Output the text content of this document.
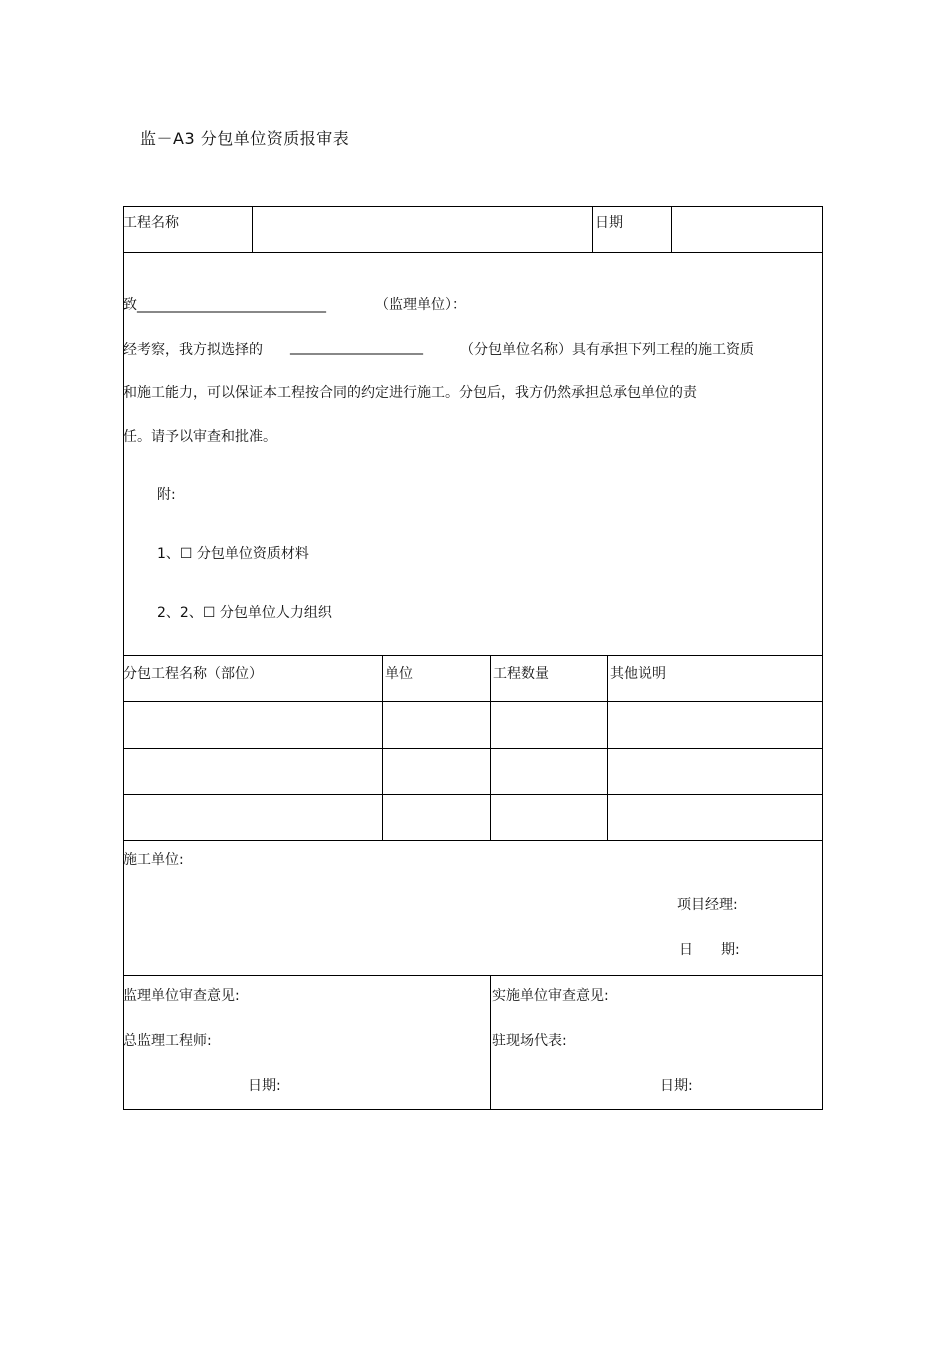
监－A3 分包单位资质报审表
工程名称	日期
致___________________________	（监理单位）：
经考察，我方拟选择的 ___________________	（分包单位名称）具有承担下列工程的施工资质
和施工能力，可以保证本工程按合同的约定进行施工。分包后，我方仍然承担总承包单位的责
任。请予以审查和批准。
附:
1、☐ 分包单位资质材料
2、2、☐ 分包单位人力组织
分包工程名称（部位）	单位	工程数量	其他说明
施工单位:
项目经理:
日　　期:
监理单位审查意见:
总监理工程师:
日期:
实施单位审查意见:
驻现场代表:
日期:
